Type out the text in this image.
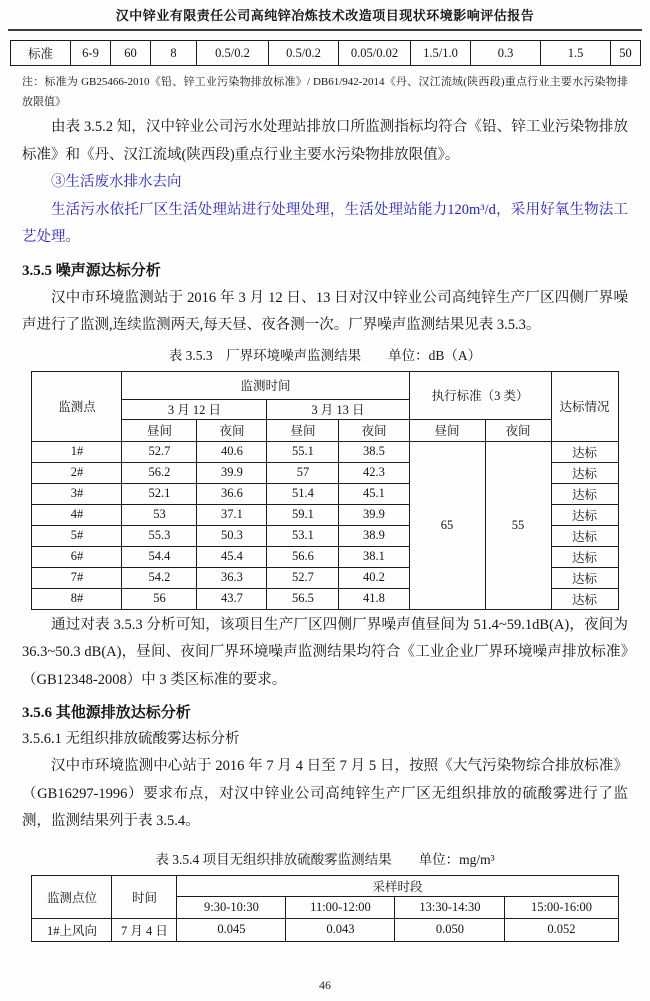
汉中锌业有限责任公司高纯锌冶炼技术改造项目现状环境影响评估报告
标准	6-9	60	8	0.5/0.2	0.5/0.2	0.05/0.02	1.5/1.0	0.3	1.5	50
注：标准为 GB25466-2010《铅、锌工业污染物排放标准》/ DB61/942-2014《丹、汉江流域(陕西段)重点行业主要水污染物排放限值》

由表 3.5.2 知，汉中锌业公司污水处理站排放口所监测指标均符合《铅、锌工业污染物排放标准》和《丹、汉江流域(陕西段)重点行业主要水污染物排放限值》。

③生活废水排水去向

生活污水依托厂区生活处理站进行处理处理，生活处理站能力120m³/d，采用好氧生物法工艺处理。

3.5.5 噪声源达标分析

汉中市环境监测站于 2016 年 3 月 12 日、13 日对汉中锌业公司高纯锌生产厂区四侧厂界噪声进行了监测,连续监测两天,每天昼、夜各测一次。厂界噪声监测结果见表 3.5.3。

表 3.5.3　厂界环境噪声监测结果　　单位：dB（A）
监测点	监测时间				执行标准（3 类）		达标情况
	3 月 12 日		3 月 13 日				
	昼间	夜间	昼间	夜间	昼间	夜间	
1#	52.7	40.6	55.1	38.5	65	55	达标
2#	56.2	39.9	57	42.3			达标
3#	52.1	36.6	51.4	45.1			达标
4#	53	37.1	59.1	39.9			达标
5#	55.3	50.3	53.1	38.9			达标
6#	54.4	45.4	56.6	38.1			达标
7#	54.2	36.3	52.7	40.2			达标
8#	56	43.7	56.5	41.8			达标

通过对表 3.5.3 分析可知，该项目生产厂区四侧厂界噪声值昼间为 51.4~59.1dB(A)，夜间为 36.3~50.3 dB(A)，昼间、夜间厂界环境噪声监测结果均符合《工业企业厂界环境噪声排放标准》（GB12348-2008）中 3 类区标准的要求。

3.5.6 其他源排放达标分析
3.5.6.1 无组织排放硫酸雾达标分析

汉中市环境监测中心站于 2016 年 7 月 4 日至 7 月 5 日，按照《大气污染物综合排放标准》（GB16297-1996）要求布点，对汉中锌业公司高纯锌生产厂区无组织排放的硫酸雾进行了监测，监测结果列于表 3.5.4。

表 3.5.4 项目无组织排放硫酸雾监测结果　　单位：mg/m³
监测点位	时间	采样时段			
		9:30-10:30	11:00-12:00	13:30-14:30	15:00-16:00
1#上风向	7 月 4 日	0.045	0.043	0.050	0.052
46
